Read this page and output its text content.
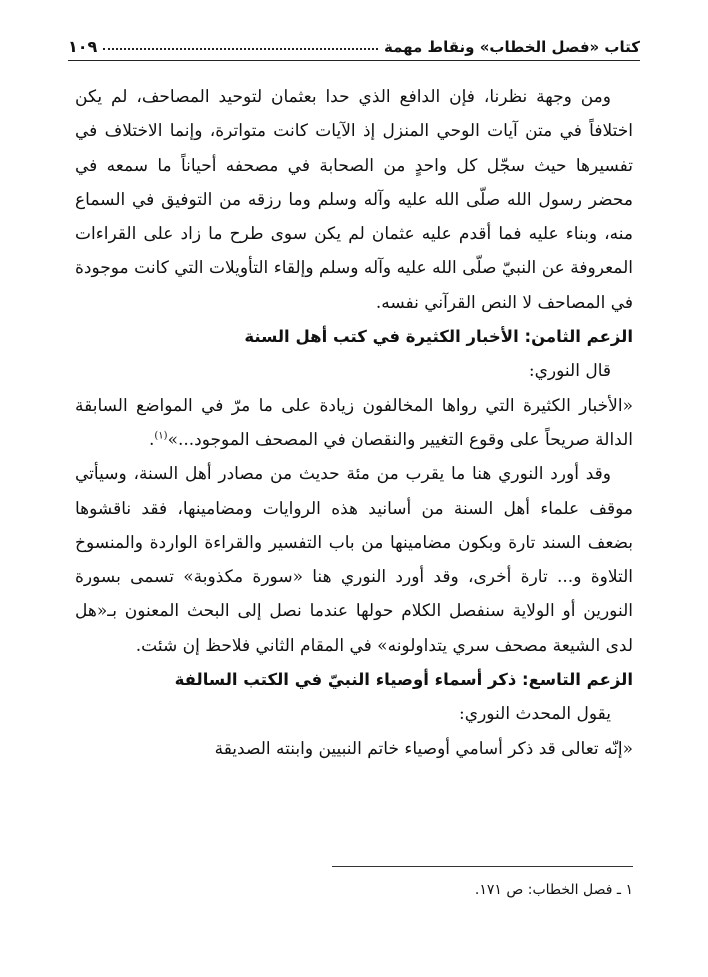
كتاب «فصل الخطاب» ونقاط مهمة
١٠٩

ومن وجهة نظرنا، فإن الدافع الذي حدا بعثمان لتوحيد المصاحف، لم يكن اختلافاً في متن آيات الوحي المنزل إذ الآيات كانت متواترة، وإنما الاختلاف في تفسيرها حيث سجّل كل واحدٍ من الصحابة في مصحفه أحياناً ما سمعه في محضر رسول الله صلّى الله عليه وآله وسلم وما رزقه من التوفيق في السماع منه، وبناء عليه فما أقدم عليه عثمان لم يكن سوى طرح ما زاد على القراءات المعروفة عن النبيّ صلّى الله عليه وآله وسلم وإلقاء التأويلات التي كانت موجودة في المصاحف لا النص القرآني نفسه.

الزعم الثامن: الأخبار الكثيرة في كتب أهل السنة

قال النوري:

«الأخبار الكثيرة التي رواها المخالفون زيادة على ما مرّ في المواضع السابقة الدالة صريحاً على وقوع التغيير والنقصان في المصحف الموجود...»$^{(١)}$.

وقد أورد النوري هنا ما يقرب من مئة حديث من مصادر أهل السنة، وسيأتي موقف علماء أهل السنة من أسانيد هذه الروايات ومضامينها، فقد ناقشوها بضعف السند تارة وبكون مضامينها من باب التفسير والقراءة الواردة والمنسوخ التلاوة و... تارة أخرى، وقد أورد النوري هنا «سورة مكذوبة» تسمى بسورة النورين أو الولاية سنفصل الكلام حولها عندما نصل إلى البحث المعنون بـ«هل لدى الشيعة مصحف سري يتداولونه» في المقام الثاني فلاحظ إن شئت.

الزعم التاسع: ذكر أسماء أوصياء النبيّ في الكتب السالفة

يقول المحدث النوري:

«إنّه تعالى قد ذكر أسامي أوصياء خاتم النبيين وابنته الصديقة

١ ـ فصل الخطاب: ص ١٧١.
